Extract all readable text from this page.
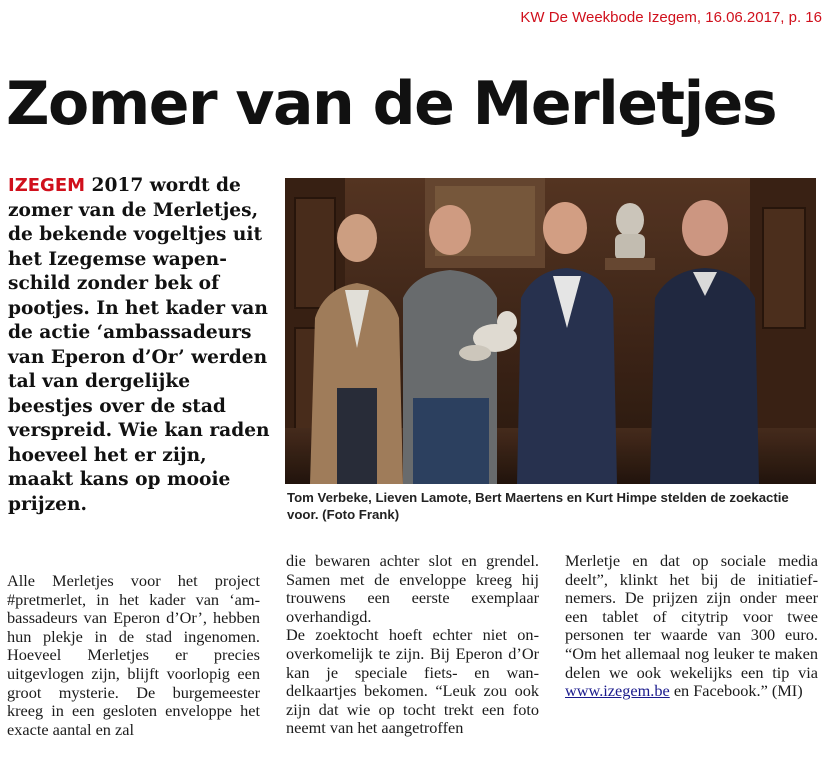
KW De Weekbode Izegem, 16.06.2017, p. 16
Zomer van de Merletjes

IZEGEM 2017 wordt de zomer van de Merletjes, de bekende vogeltjes uit het Izegemse wapenschild zonder bek of pootjes. In het kader van de actie ‘ambassadeurs van Eperon d’Or’ werden tal van dergelijke beestjes over de stad verspreid. Wie kan raden hoeveel het er zijn, maakt kans op mooie prijzen.	Tom Verbeke, Lieven Lamote, Bert Maertens en Kurt Himpe stelden de zoekactie voor. (Foto Frank)

Alle Merletjes voor het project #pretmerlet, in het kader van ‘ambassadeurs van Eperon d’Or’, hebben hun plekje in de stad ingenomen. Hoeveel Merletjes er precies uitgevlogen zijn, blijft voorlopig een groot mysterie. De burgemeester kreeg in een gesloten enveloppe het exacte aantal en zal

die bewaren achter slot en grendel. Samen met de enveloppe kreeg hij trouwens een eerste exemplaar overhandigd.

De zoektocht hoeft echter niet onoverkomelijk te zijn. Bij Eperon d’Or kan je speciale fiets- en wandelkaartjes bekomen. “Leuk zou ook zijn dat wie op tocht trekt een foto neemt van het aangetroffen

Merletje en dat op sociale media deelt”, klinkt het bij de initiatiefnemers. De prijzen zijn onder meer een tablet of citytrip voor twee personen ter waarde van 300 euro. “Om het allemaal nog leuker te maken delen we ook wekelijks een tip via www.izegem.be en Facebook.” (MI)
